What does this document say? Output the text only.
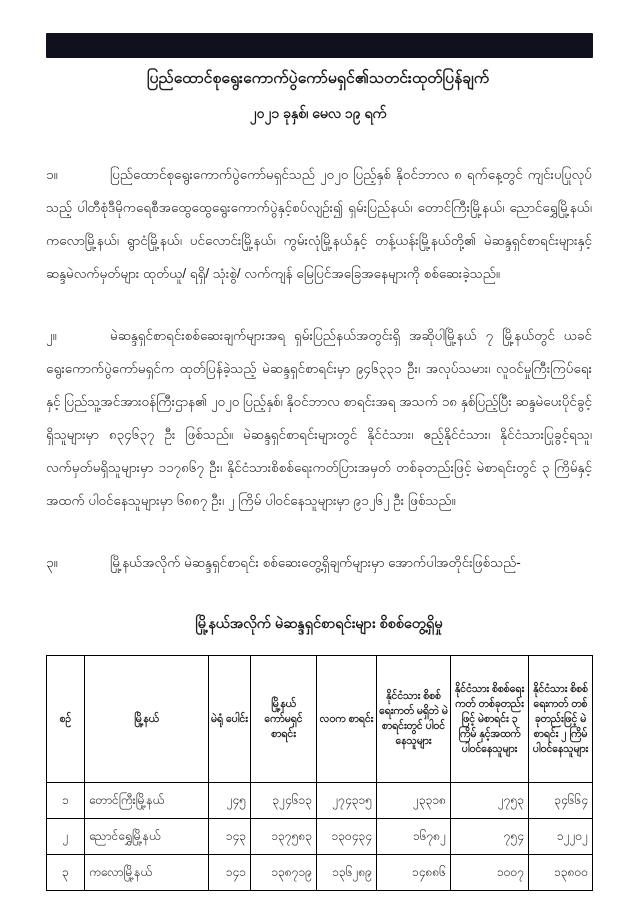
ပြည်ထောင်စုရွေးကောက်ပွဲကော်မရှင်၏သတင်းထုတ်ပြန်ချက်
၂၀၂၁ ခုနှစ်၊ မေလ ၁၉ ရက်

၁။	ပြည်ထောင်စုရွေးကောက်ပွဲကော်မရှင်သည် ၂၀၂၀ ပြည့်နှစ် နိုဝင်ဘာလ ၈ ရက်နေ့တွင် ကျင်းပပြုလုပ်သည့် ပါတီစုံဒီမိုကရေစီအထွေထွေရွေးကောက်ပွဲနှင့်စပ်လျဉ်း၍ ရှမ်းပြည်နယ်၊ တောင်ကြီးမြို့နယ်၊ ညောင်ရွှေမြို့နယ်၊ ကလောမြို့နယ်၊ ရွာငံမြို့နယ်၊ ပင်လောင်းမြို့နယ်၊ ကွမ်းလုံမြို့နယ်နှင့် တန့်ယန်းမြို့နယ်တို့၏ မဲဆန္ဒရှင်စာရင်းများနှင့် ဆန္ဒမဲလက်မှတ်များ ထုတ်ယူ/ ရရှိ/ သုံးစွဲ/ လက်ကျန် မြေပြင်အခြေအနေများကို စစ်ဆေးခဲ့သည်။

၂။	မဲဆန္ဒရှင်စာရင်းစစ်ဆေးချက်များအရ ရှမ်းပြည်နယ်အတွင်းရှိ အဆိုပါမြို့နယ် ၇ မြို့နယ်တွင် ယခင် ရွေးကောက်ပွဲကော်မရှင်က ထုတ်ပြန်ခဲ့သည့် မဲဆန္ဒရှင်စာရင်းမှာ ၉၄၆၃၃၁ ဦး၊ အလုပ်သမား၊ လူဝင်မှုကြီးကြပ်ရေးနှင့် ပြည်သူ့အင်အားဝန်ကြီးဌာန၏ ၂၀၂၀ ပြည့်နှစ်၊ နိုဝင်ဘာလ စာရင်းအရ အသက် ၁၈ နှစ်ပြည့်ပြီး ဆန္ဒမဲပေးပိုင်ခွင့်ရှိသူများမှာ ၈၃၄၆၃၇ ဦး ဖြစ်သည်။ မဲဆန္ဒရှင်စာရင်းများတွင် နိုင်ငံသား၊ ဧည့်နိုင်ငံသား၊ နိုင်ငံသားပြုခွင့်ရသူ၊ လက်မှတ်မရှိသူများမှာ ၁၁၇၈၆၇ ဦး၊ နိုင်ငံသားစိစစ်ရေးကတ်ပြားအမှတ် တစ်ခုတည်းဖြင့် မဲစာရင်းတွင် ၃ ကြိမ်နှင့်အထက် ပါဝင်နေသူများမှာ ၆၈၈၇ ဦး၊ ၂ ကြိမ် ပါဝင်နေသူများမှာ ၉၁၂၆၂ ဦး ဖြစ်သည်။

၃။	မြို့နယ်အလိုက် မဲဆန္ဒရှင်စာရင်း စစ်ဆေးတွေ့ရှိချက်များမှာ အောက်ပါအတိုင်းဖြစ်သည်-

မြို့နယ်အလိုက် မဲဆန္ဒရှင်စာရင်းများ စိစစ်တွေ့ရှိမှု
စဉ်	မြို့နယ်	မဲရုံ ပေါင်း	မြို့နယ် ကော်မရှင် စာရင်း	လဝက စာရင်း	နိုင်ငံသား စိစစ်ရေးကတ် မရှိဘဲ မဲစာရင်းတွင် ပါဝင်နေသူများ	နိုင်ငံသား စိစစ်ရေးကတ် တစ်ခုတည်းဖြင့် မဲစာရင်း ၃ ကြိမ် နှင့်အထက် ပါဝင်နေသူများ	နိုင်ငံသား စိစစ်ရေးကတ် တစ်ခုတည်းဖြင့် မဲစာရင်း ၂ ကြိမ် ပါဝင်နေသူများ
၁	တောင်ကြီးမြို့နယ်	၂၄၅	၃၂၄၆၁၃	၂၇၄၃၁၅	၂၃၃၁၈	၂၇၅၃	၃၄၆၆၄
၂	ညောင်ရွှေမြို့နယ်	၁၄၃	၁၃၇၅၈၃	၁၃၀၄၃၄	၁၆၇၈၂	၇၅၄	၁၂၂၀၂
၃	ကလောမြို့နယ်	၁၄၁	၁၃၈၇၁၉	၁၃၆၂၈၉	၁၄၈၈၆	၁၀၀၇	၁၃၈၀၀
